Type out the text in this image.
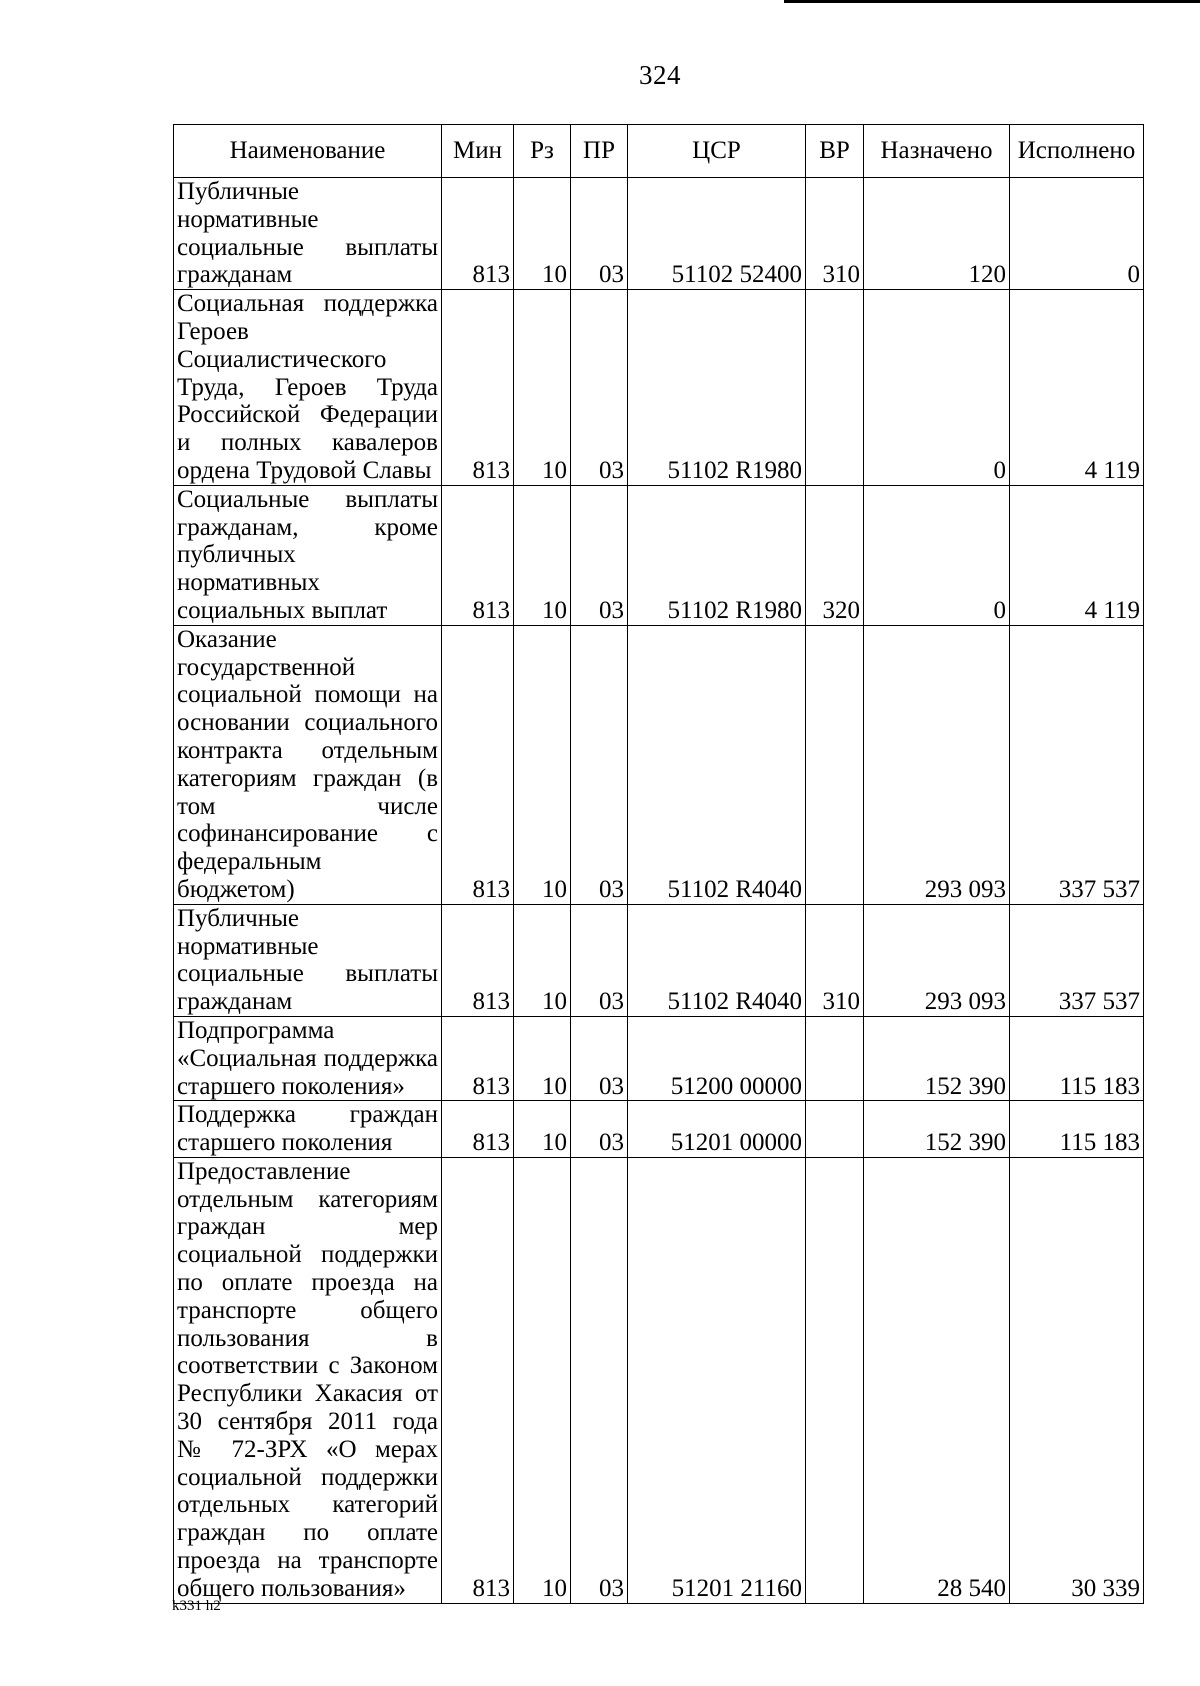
324
Наименование	Мин	Рз	ПР	ЦСР	ВР	Назначено	Исполнено
Публичные нормативные социальные выплаты гражданам	813	10	03	51102 52400	310	120	0
Социальная поддержка Героев Социалистического Труда, Героев Труда Российской Федерации и полных кавалеров ордена Трудовой Славы	813	10	03	51102 R1980		0	4 119
Социальные выплаты гражданам, кроме публичных нормативных социальных выплат	813	10	03	51102 R1980	320	0	4 119
Оказание государственной социальной помощи на основании социального контракта отдельным категориям граждан (в том числе софинансирование с федеральным бюджетом)	813	10	03	51102 R4040		293 093	337 537
Публичные нормативные социальные выплаты гражданам	813	10	03	51102 R4040	310	293 093	337 537
Подпрограмма «Социальная поддержка старшего поколения»	813	10	03	51200 00000		152 390	115 183
Поддержка граждан старшего поколения	813	10	03	51201 00000		152 390	115 183
Предоставление отдельным категориям граждан мер социальной поддержки по оплате проезда на транспорте общего пользования в соответствии с Законом Республики Хакасия от 30 сентября 2011 года № 72-ЗРХ «О мерах социальной поддержки отдельных категорий граждан по оплате проезда на транспорте общего пользования»	813	10	03	51201 21160		28 540	30 339
k331 h2
